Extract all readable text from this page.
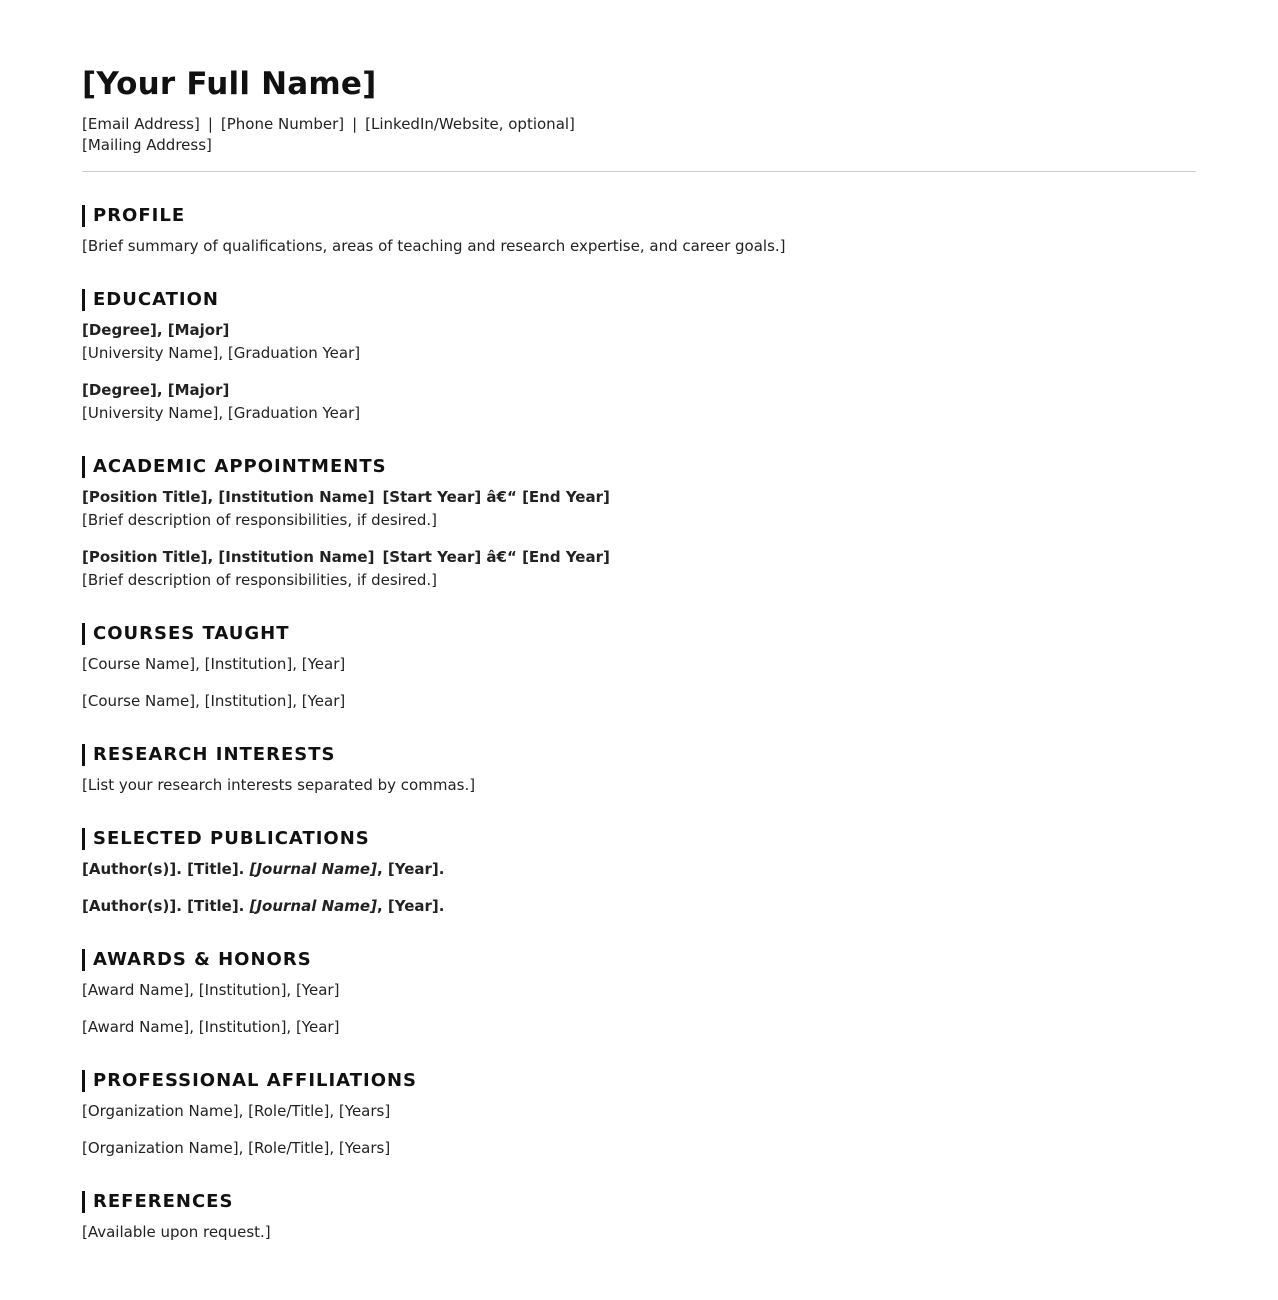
[Your Full Name]
[Email Address] | [Phone Number] | [LinkedIn/Website, optional]
[Mailing Address]
PROFILE
[Brief summary of qualifications, areas of teaching and research expertise, and career goals.]
EDUCATION
[Degree], [Major]
[University Name], [Graduation Year]
[Degree], [Major]
[University Name], [Graduation Year]
ACADEMIC APPOINTMENTS
[Position Title], [Institution Name] [Start Year] â€“ [End Year]
[Brief description of responsibilities, if desired.]
[Position Title], [Institution Name] [Start Year] â€“ [End Year]
[Brief description of responsibilities, if desired.]
COURSES TAUGHT
[Course Name], [Institution], [Year]
[Course Name], [Institution], [Year]
RESEARCH INTERESTS
[List your research interests separated by commas.]
SELECTED PUBLICATIONS
[Author(s)]. [Title]. [Journal Name], [Year].
[Author(s)]. [Title]. [Journal Name], [Year].
AWARDS & HONORS
[Award Name], [Institution], [Year]
[Award Name], [Institution], [Year]
PROFESSIONAL AFFILIATIONS
[Organization Name], [Role/Title], [Years]
[Organization Name], [Role/Title], [Years]
REFERENCES
[Available upon request.]
